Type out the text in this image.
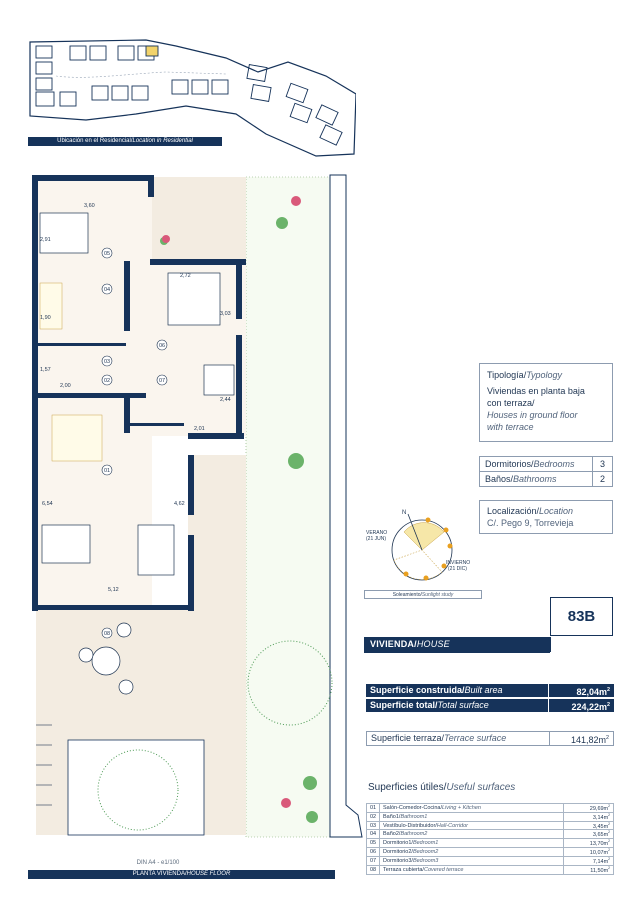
Ubicación en el Residencial/Location in Residential
3,60
2,91
2,72
3,03
1,90
1,57
2,00
2,44
2,01
6,54	4,62
5,12
05
04
06
03
02	07
01
08
DIN A4 - e1/100
PLANTA VIVIENDA/HOUSE FLOOR
Tipología/Typology
Viviendas en planta baja
con terraza/
Houses in ground floor
with terrace
Dormitorios/Bedrooms	3
Baños/Bathrooms	2
Localización/Location
C/. Pego 9, Torrevieja
N
VERANO
(21 JUN)
INVIERNO
(21 DIC)
Soleamiento/Sunlight study
83B
VIVIENDA/HOUSE
Superficie construida/Built area	$82,04m^2$
Superficie total/Total surface	$224,22m^2$
Superficie terraza/Terrace surface	$141,82m^2$
Superficies útiles/Useful surfaces
01	Salón-Comedor-Cocina/Living + Kitchen	$29,69m^2$
02	Baño1/Bathroom1	$3,14m^2$
03	Vestíbulo-Distribuidor/Hall-Corridor	$3,45m^2$
04	Baño2/Bathroom2	$3,65m^2$
05	Dormitorio1/Bedroom1	$13,70m^2$
06	Dormitorio2/Bedroom2	$10,07m^2$
07	Dormitorio3/Bedroom3	$7,14m^2$
08	Terraza cubierta/Covered terrace	$11,50m^2$
